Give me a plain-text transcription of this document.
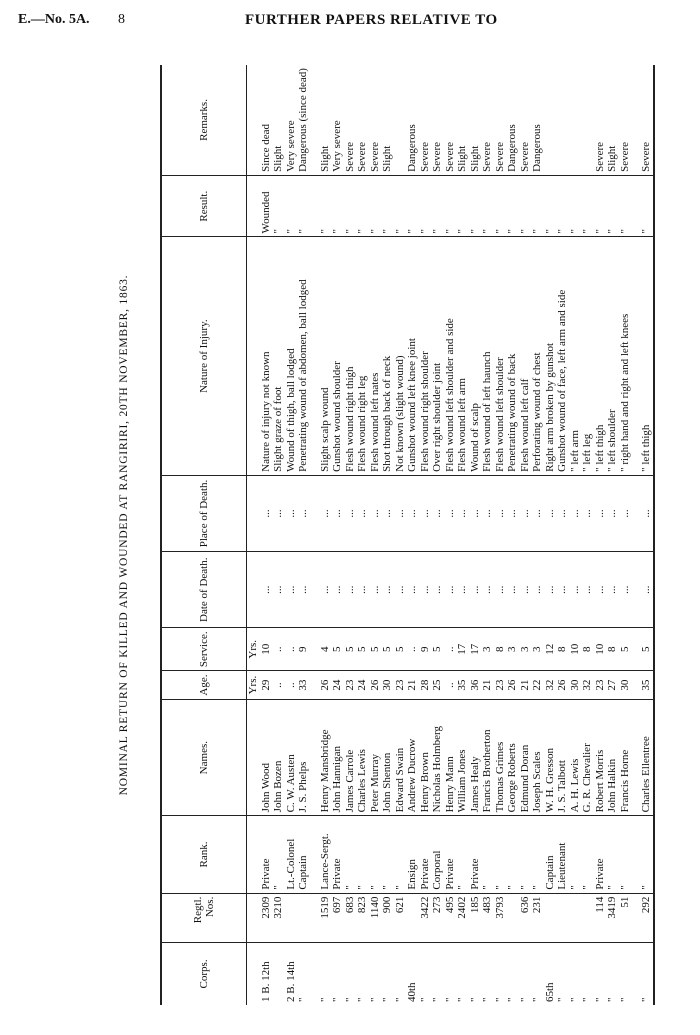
E.—No. 5A. 8	FURTHER PAPERS RELATIVE TO
NOMINAL RETURN OF KILLED AND WOUNDED AT RANGIRIRI, 20TH NOVEMBER, 1863.
Corps.	Regtl. Nos.	Rank.	Names.	Age.	Service.	Date of Death.	Place of Death.	Nature of Injury.	Result.	Remarks.
				Yrs.	Yrs.					
1 B. 12th	2309	Private	John Wood	29	10	...	...	Nature of injury not known	Wounded	Since dead
	3210	"	John Bozen	..	..	...	...	Slight graze of foot	"	Slight
2 B. 14th		Lt.-Colonel	C. W. Austen	..	..	...	...	Wound of thigh, ball lodged	"	Very severe
"		Captain	J. S. Phelps	33	9	...	...	Penetrating wound of abdomen, ball lodged	"	Dangerous (since dead)

"	1519	Lance-Sergt.	Henry Mansbridge	26	4	...	...	Slight scalp wound	"	Slight
"	697	Private	John Hannigan	24	5	...	...	Gunshot wound shoulder	"	Very severe
"	683	"	James Carrole	23	5	...	...	Flesh wound right thigh	"	Severe
"	823	"	Charles Lewis	24	5	...	...	Flesh wound right leg	"	Severe
"	1140	"	Peter Murray	26	5	...	...	Flesh wound left nates	"	Severe
"	900	"	John Shenton	30	5	...	...	Shot through back of neck	"	Slight
"	621	"	Edward Swain	23	5	...	...	Not known (slight wound)	"	
40th		Ensign	Andrew Ducrow	21	..	...	...	Gunshot wound left knee joint	"	Dangerous
"	3422	Private	Henry Brown	28	9	...	...	Flesh wound right shoulder	"	Severe
"	273	Corporal	Nicholas Holmberg	25	5	...	...	Over right shoulder joint	"	Severe
"	495	Private	Henry Mann	..	..	...	...	Flesh wound left shoulder and side	"	Severe
"	2402	"	William Jones	35	17	...	...	Flesh wound left arm	"	Slight
"	185	Private	James Healy	36	17	...	...	Wound of scalp	"	Slight
"	483	"	Francis Brotherton	21	3	...	...	Flesh wound of left haunch	"	Severe
"	3793	"	Thomas Grimes	23	8	...	...	Flesh wound left shoulder	"	Severe
"		"	George Roberts	26	3	...	...	Penetrating wound of back	"	Dangerous
"	636	"	Edmund Doran	21	3	...	...	Flesh wound left calf	"	Severe
"	231	"	Joseph Scales	22	3	...	...	Perforating wound of chest	"	Dangerous
65th		Captain	W. H. Gresson	32	12	...	...	Right arm broken by gunshot	"	
"		Lieutenant	J. S. Talbott	26	8	...	...	Gunshot wound of face, left arm and side	"	
"		"	A. H. Lewis	30	10	...	...	" left arm	"	
"		"	G. R. Chevalier	32	8	...	...	" left leg	"	
"	114	Private	Robert Morris	23	10	...	...	" left thigh	"	Severe
"	3419	"	John Halkin	27	8	...	...	" left shoulder	"	Slight
"	51	"	Francis Horne	30	5	...	...	" right hand and right and left knees	"	Severe

"	292	"	Charles Ellentree	35	5	...	...	" left thigh	"	Severe
